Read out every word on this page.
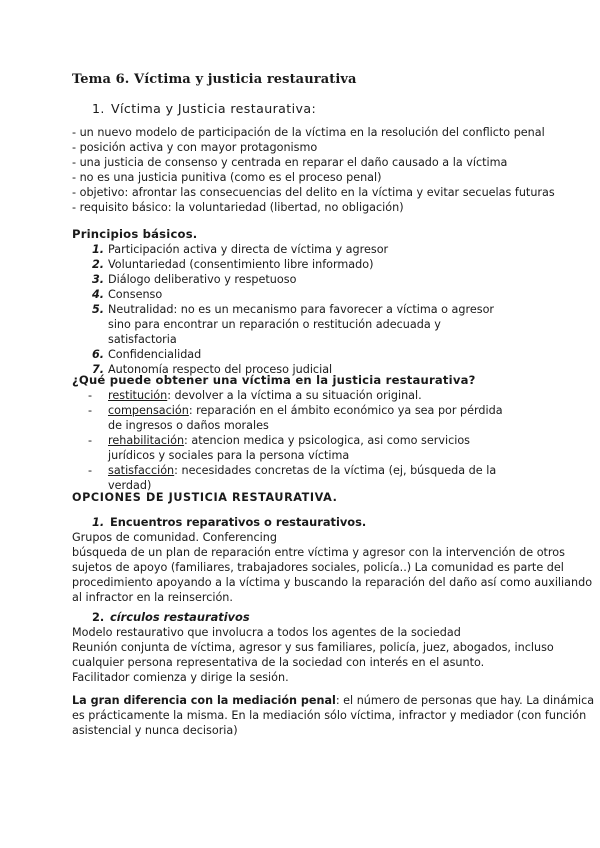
Tema 6. Víctima y justicia restaurativa
1. Víctima y Justicia restaurativa:
- un nuevo modelo de participación de la víctima en la resolución del conflicto penal
- posición activa y con mayor protagonismo
- una justicia de consenso y centrada en reparar el daño causado a la víctima
- no es una justicia punitiva (como es el proceso penal)
- objetivo: afrontar las consecuencias del delito en la víctima y evitar secuelas futuras
- requisito básico: la voluntariedad (libertad, no obligación)
Principios básicos.
1. Participación activa y directa de víctima y agresor
2. Voluntariedad (consentimiento libre informado)
3. Diálogo deliberativo y respetuoso
4. Consenso
5. Neutralidad: no es un mecanismo para favorecer a víctima o agresor sino para encontrar un reparación o restitución adecuada y satisfactoria
6. Confidencialidad
7. Autonomía respecto del proceso judicial
¿Qué puede obtener una víctima en la justicia restaurativa?
-	restitución: devolver a la víctima a su situación original.
-	compensación: reparación en el ámbito económico ya sea por pérdida de ingresos o daños morales
-	rehabilitación: atencion medica y psicologica, asi como servicios jurídicos y sociales para la persona víctima
-	satisfacción: necesidades concretas de la víctima (ej, búsqueda de la verdad)
OPCIONES DE JUSTICIA RESTAURATIVA.
1. Encuentros reparativos o restaurativos.
Grupos de comunidad. Conferencing
búsqueda de un plan de reparación entre víctima y agresor con la intervención de otros
sujetos de apoyo (familiares, trabajadores sociales, policía..) La comunidad es parte del
procedimiento apoyando a la víctima y buscando la reparación del daño así como auxiliando
al infractor en la reinserción.
2. círculos restaurativos
Modelo restaurativo que involucra a todos los agentes de la sociedad
Reunión conjunta de víctima, agresor y sus familiares, policía, juez, abogados, incluso
cualquier persona representativa de la sociedad con interés en el asunto.
Facilitador comienza y dirige la sesión.
La gran diferencia con la mediación penal: el número de personas que hay. La dinámica
es prácticamente la misma. En la mediación sólo víctima, infractor y mediador (con función
asistencial y nunca decisoria)
